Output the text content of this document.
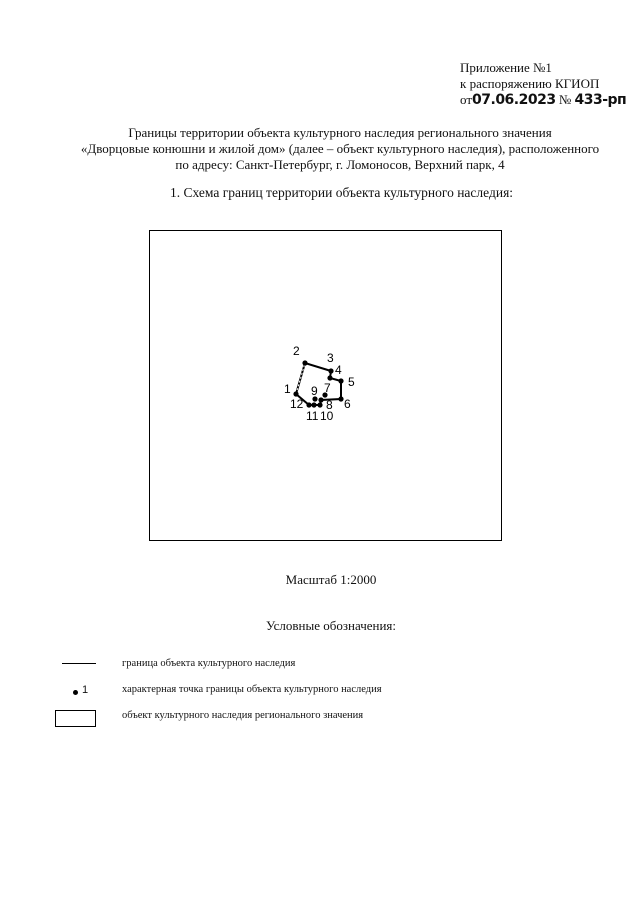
Приложение №1
к распоряжению КГИОП
от07.06.2023 № 433-рп
Границы территории объекта культурного наследия регионального значения
«Дворцовые конюшни и жилой дом» (далее – объект культурного наследия), расположенного
по адресу: Санкт-Петербург, г. Ломоносов, Верхний парк, 4
1. Схема границ территории объекта культурного наследия:
1
2 3
4
5
6
7
8
9
10
11
12
Масштаб 1:2000
Условные обозначения:
граница объекта культурного наследия
1	характерная точка границы объекта культурного наследия
объект культурного наследия регионального значения
